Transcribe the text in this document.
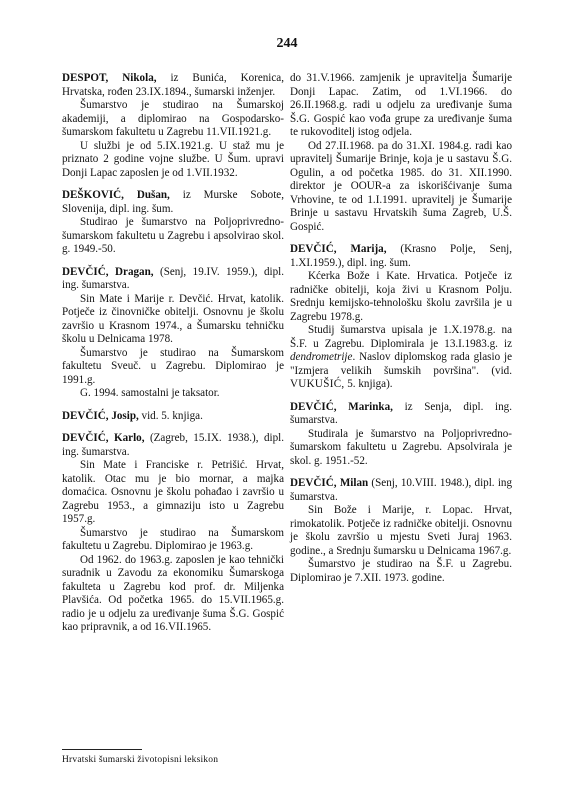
244

DESPOT, Nikola, iz Bunića, Korenica, Hrvatska, rođen 23.IX.1894., šumarski inženjer.

Šumarstvo je studirao na Šumarskoj akademiji, a diplomirao na Gospodarsko-šumarskom fakultetu u Zagrebu 11.VII.1921.g.

U službi je od 5.IX.1921.g. U staž mu je priznato 2 godine vojne službe. U Šum. upravi Donji Lapac zaposlen je od 1.VII.1932.

DEŠKOVIĆ, Dušan, iz Murske Sobote, Slovenija, dipl. ing. šum.

Studirao je šumarstvo na Poljoprivredno-šumarskom fakultetu u Zagrebu i apsolvirao skol. g. 1949.-50.

DEVČIĆ, Dragan, (Senj, 19.IV. 1959.), dipl. ing. šumarstva.

Sin Mate i Marije r. Devčić. Hrvat, katolik. Potječe iz činovničke obitelji. Osnovnu je školu završio u Krasnom 1974., a Šumarsku tehničku školu u Delnicama 1978.

Šumarstvo je studirao na Šumarskom fakultetu Sveuč. u Zagrebu. Diplomirao je 1991.g.

G. 1994. samostalni je taksator.

DEVČIĆ, Josip, vid. 5. knjiga.

DEVČIĆ, Karlo, (Zagreb, 15.IX. 1938.), dipl. ing. šumarstva.

Sin Mate i Franciske r. Petrišić. Hrvat, katolik. Otac mu je bio mornar, a majka domaćica. Osnovnu je školu pohađao i završio u Zagrebu 1953., a gimnaziju isto u Zagrebu 1957.g.

Šumarstvo je studirao na Šumarskom fakultetu u Zagrebu. Diplomirao je 1963.g.

Od 1962. do 1963.g. zaposlen je kao tehnički suradnik u Zavodu za ekonomiku Šumarskoga fakulteta u Zagrebu kod prof. dr. Miljenka Plavšića. Od početka 1965. do 15.VII.1965.g. radio je u odjelu za uređivanje šuma Š.G. Gospić kao pripravnik, a od 16.VII.1965.

do 31.V.1966. zamjenik je upravitelja Šumarije Donji Lapac. Zatim, od 1.VI.1966. do 26.II.1968.g. radi u odjelu za uređivanje šuma Š.G. Gospić kao vođa grupe za uređivanje šuma te rukovoditelj istog odjela.

Od 27.II.1968. pa do 31.XI. 1984.g. radi kao upravitelj Šumarije Brinje, koja je u sastavu Š.G. Ogulin, a od početka 1985. do 31. XII.1990. direktor je OOUR-a za iskorišćivanje šuma Vrhovine, te od 1.I.1991. upravitelj je Šumarije Brinje u sastavu Hrvatskih šuma Zagreb, U.Š. Gospić.

DEVČIĆ, Marija, (Krasno Polje, Senj, 1.XI.1959.), dipl. ing. šum.

Kćerka Bože i Kate. Hrvatica. Potječe iz radničke obitelji, koja živi u Krasnom Polju. Srednju kemijsko-tehnološku školu završila je u Zagrebu 1978.g.

Studij šumarstva upisala je 1.X.1978.g. na Š.F. u Zagrebu. Diplomirala je 13.I.1983.g. iz dendrometrije. Naslov diplomskog rada glasio je "Izmjera velikih šumskih površina". (vid. VUKUŠIĆ, 5. knjiga).

DEVČIĆ, Marinka, iz Senja, dipl. ing. šumarstva.

Studirala je šumarstvo na Poljoprivredno-šumarskom fakultetu u Zagrebu. Apsolvirala je skol. g. 1951.-52.

DEVČIĆ, Milan (Senj, 10.VIII. 1948.), dipl. ing šumarstva.

Sin Bože i Marije, r. Lopac. Hrvat, rimokatolik. Potječe iz radničke obitelji. Osnovnu je školu završio u mjestu Sveti Juraj 1963. godine., a Srednju šumarsku u Delnicama 1967.g.

Šumarstvo je studirao na Š.F. u Zagrebu. Diplomirao je 7.XII. 1973. godine.

Hrvatski šumarski životopisni leksikon
